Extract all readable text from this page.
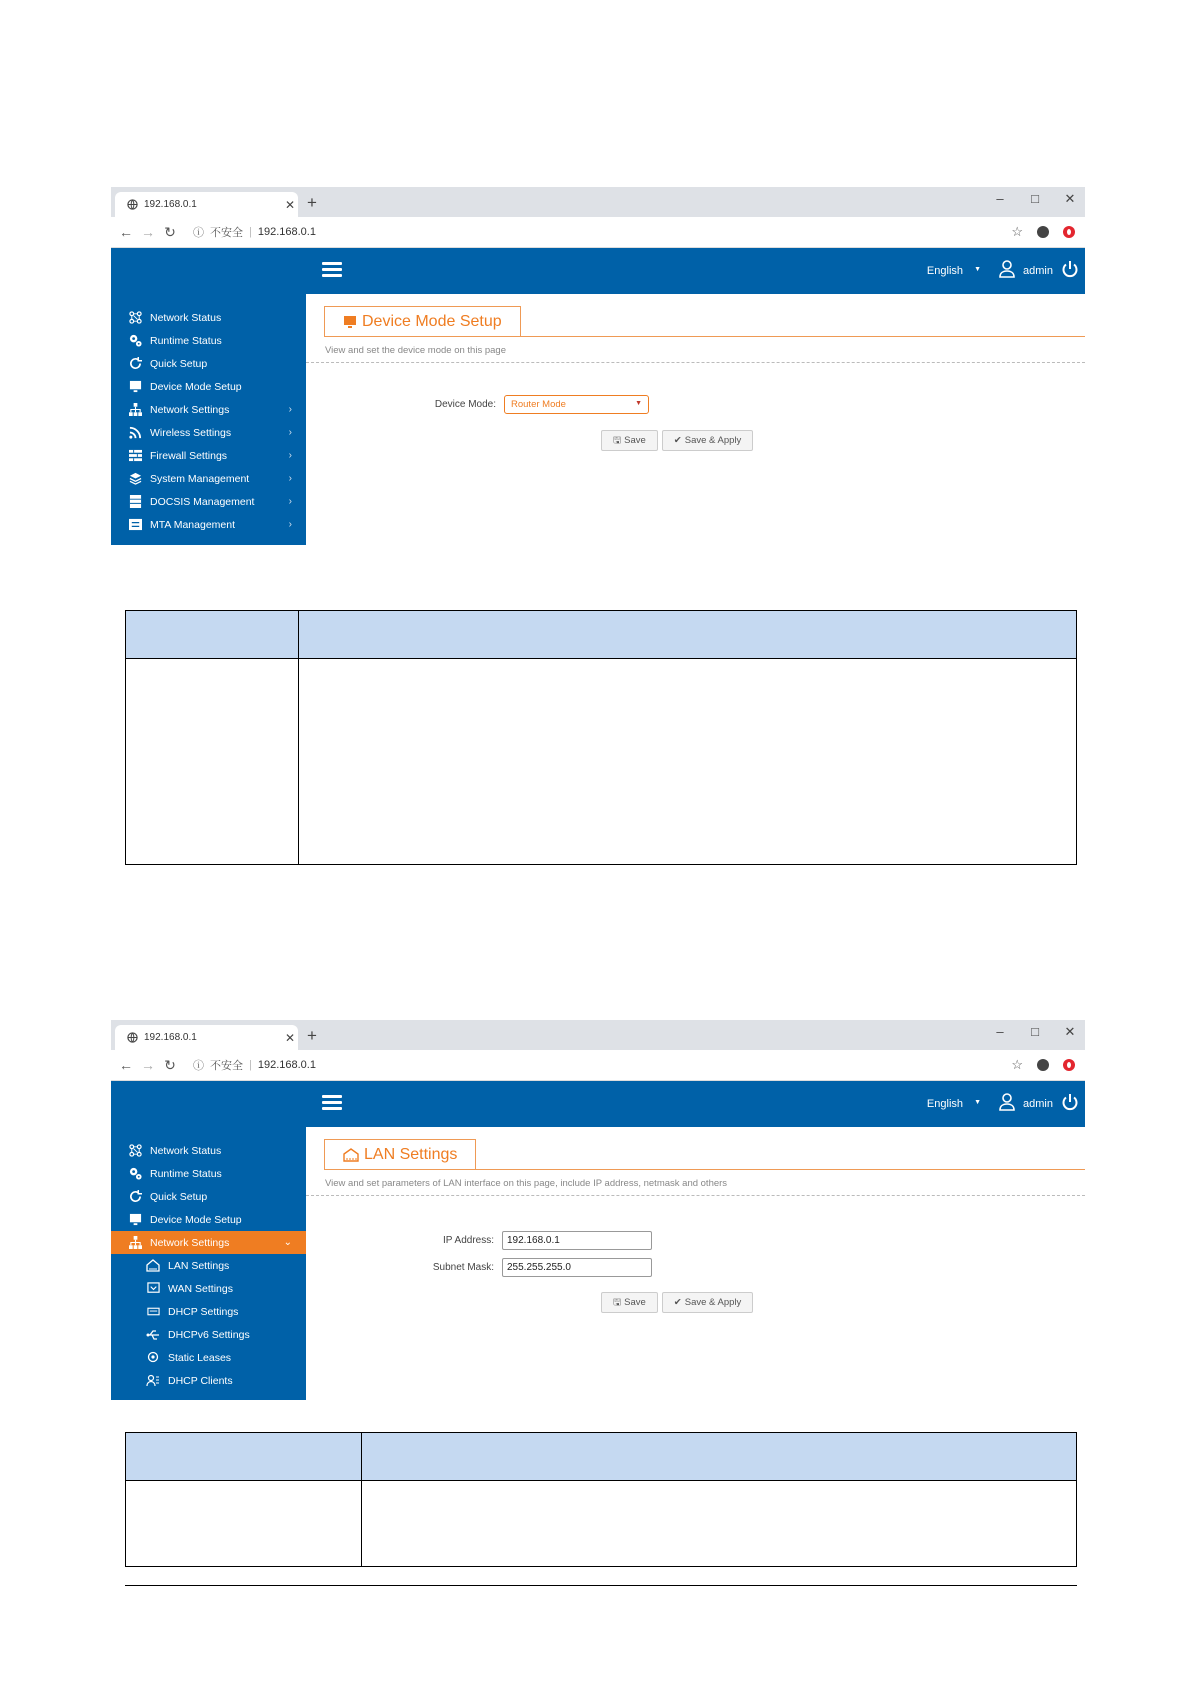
192.168.0.1	✕ +	–	□	✕
← → ↻	ⓘ 不安全 | 192.168.0.1	☆
English ▼	admin
Network Status
Runtime Status
Quick Setup
Device Mode Setup
Network Settings	›
Wireless Settings	›
Firewall Settings	›
System Management	›
DOCSIS Management	›
MTA Management	›
Device Mode Setup
View and set the device mode on this page
Device Mode:	Router Mode	▼
🖫 Save	✔ Save & Apply

192.168.0.1	✕ +	–	□	✕
← → ↻	ⓘ 不安全 | 192.168.0.1	☆
English ▼	admin
Network Status
Runtime Status
Quick Setup
Device Mode Setup
Network Settings	⌄
LAN Settings
WAN Settings
DHCP Settings
DHCPv6 Settings
Static Leases
DHCP Clients
LAN Settings
View and set parameters of LAN interface on this page, include IP address, netmask and others
IP Address:	192.168.0.1
Subnet Mask:	255.255.255.0
🖫 Save	✔ Save & Apply
